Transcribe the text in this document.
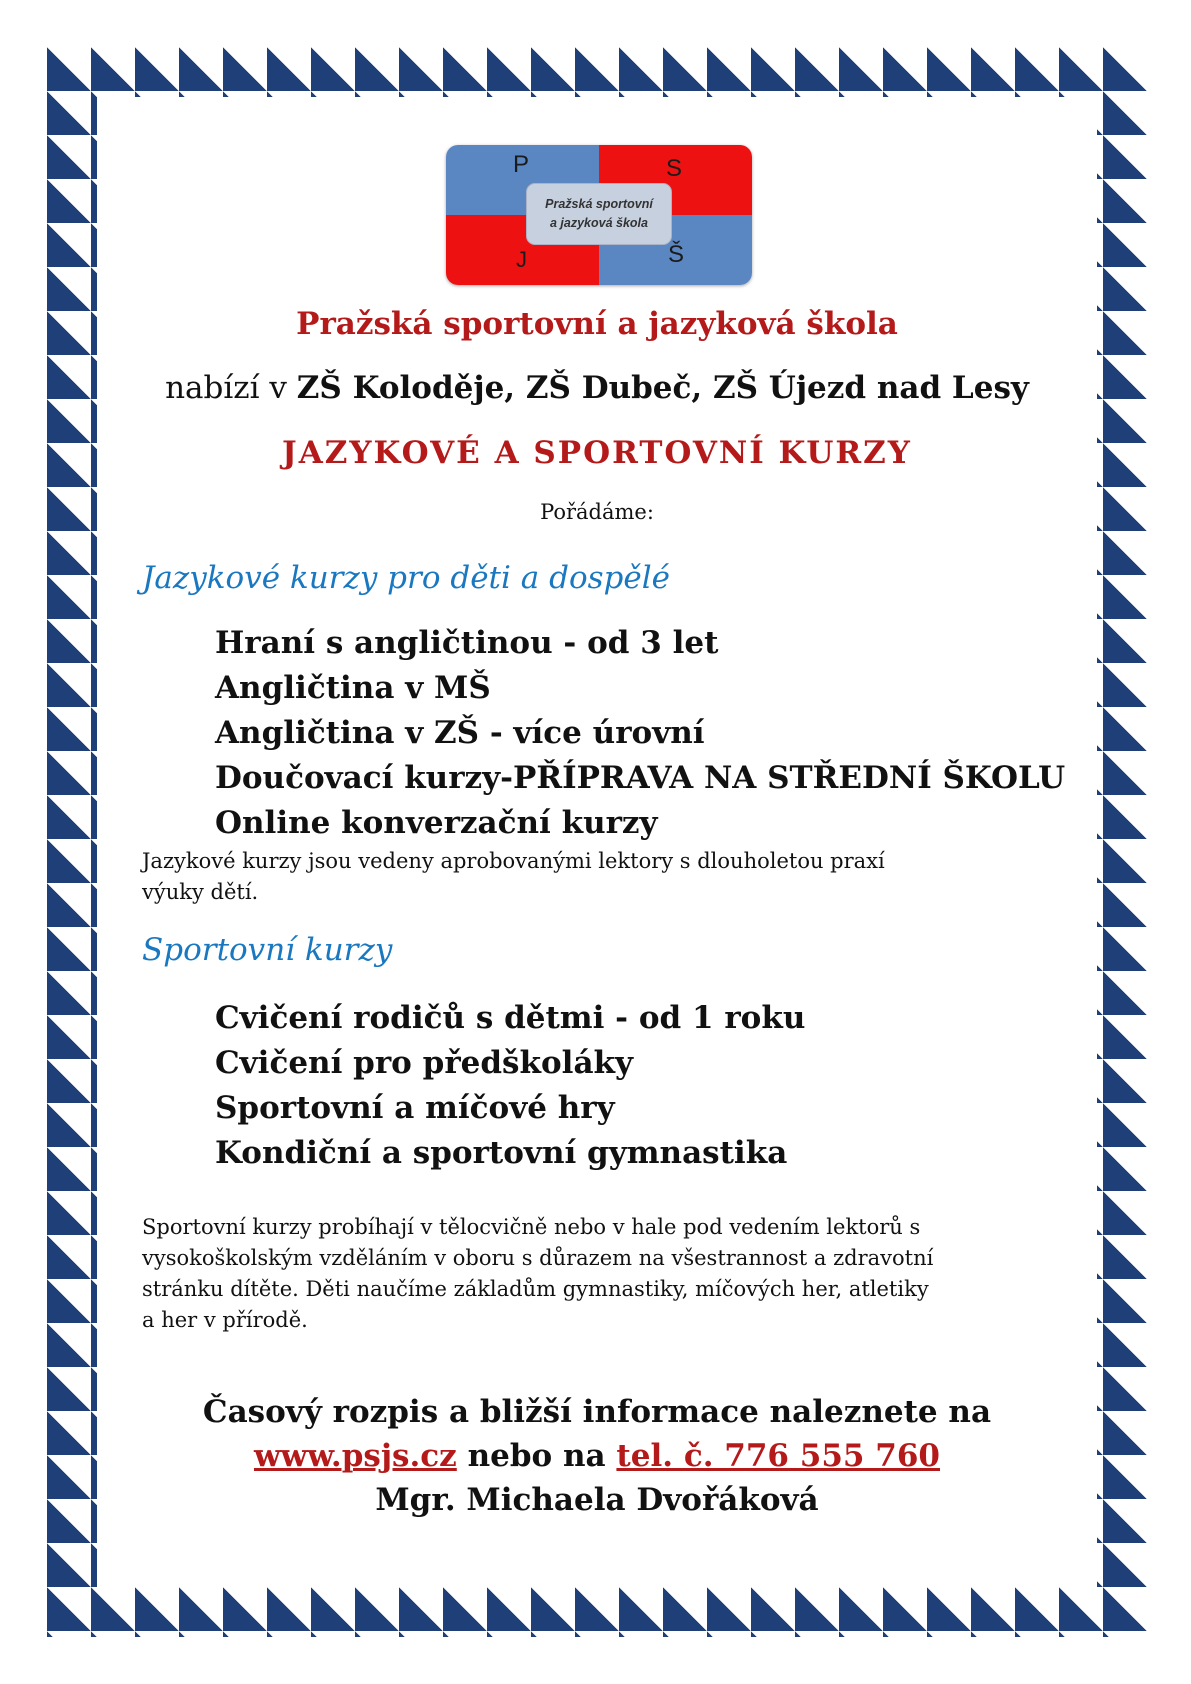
P	S
J	Š
Pražská sportovní
a jazyková škola
Pražská sportovní a jazyková škola
nabízí v ZŠ Koloděje, ZŠ Dubeč, ZŠ Újezd nad Lesy
JAZYKOVÉ A SPORTOVNÍ KURZY
Pořádáme:
Jazykové kurzy pro děti a dospělé
Hraní s angličtinou - od 3 let
Angličtina v MŠ
Angličtina v ZŠ - více úrovní
Doučovací kurzy-PŘÍPRAVA NA STŘEDNÍ ŠKOLU
Online konverzační kurzy
Jazykové kurzy jsou vedeny aprobovanými lektory s dlouholetou praxí
výuky dětí.
Sportovní kurzy
Cvičení rodičů s dětmi - od 1 roku
Cvičení pro předškoláky
Sportovní a míčové hry
Kondiční a sportovní gymnastika
Sportovní kurzy probíhají v tělocvičně nebo v hale pod vedením lektorů s
vysokoškolským vzděláním v oboru s důrazem na všestrannost a zdravotní
stránku dítěte. Děti naučíme základům gymnastiky, míčových her, atletiky
a her v přírodě.
Časový rozpis a bližší informace naleznete na
www.psjs.cz nebo na tel. č. 776 555 760
Mgr. Michaela Dvořáková
